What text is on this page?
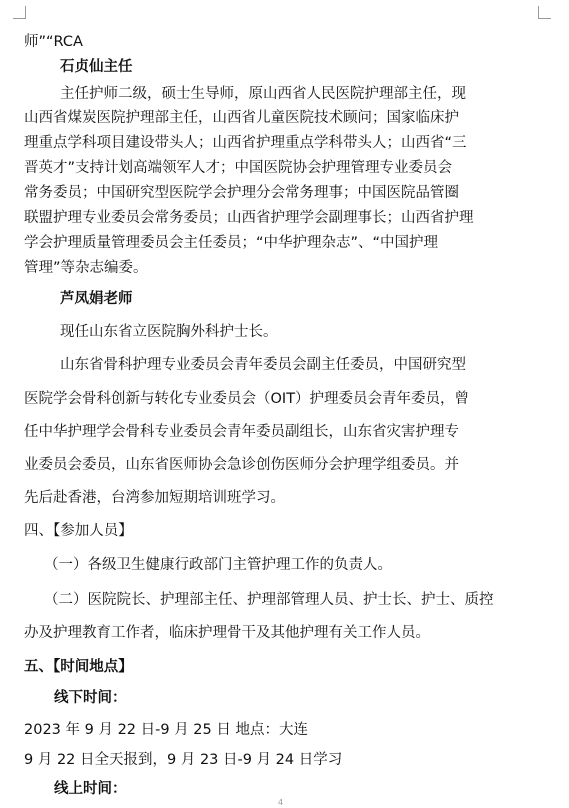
师”“RCA
石贞仙主任
主任护师二级，硕士生导师，原山西省人民医院护理部主任，现
山西省煤炭医院护理部主任，山西省儿童医院技术顾问；国家临床护
理重点学科项目建设带头人；山西省护理重点学科带头人；山西省“三
晋英才”支持计划高端领军人才；中国医院协会护理管理专业委员会
常务委员；中国研究型医院学会护理分会常务理事；中国医院品管圈
联盟护理专业委员会常务委员；山西省护理学会副理事长；山西省护理
学会护理质量管理委员会主任委员；“中华护理杂志”、“中国护理
管理”等杂志编委。
芦凤娟老师
现任山东省立医院胸外科护士长。
山东省骨科护理专业委员会青年委员会副主任委员，中国研究型
医院学会骨科创新与转化专业委员会（OIT）护理委员会青年委员，曾
任中华护理学会骨科专业委员会青年委员副组长，山东省灾害护理专
业委员会委员，山东省医师协会急诊创伤医师分会护理学组委员。并
先后赴香港，台湾参加短期培训班学习。
四、【参加人员】
（一）各级卫生健康行政部门主管护理工作的负责人。
（二）医院院长、护理部主任、护理部管理人员、护士长、护士、质控
办及护理教育工作者，临床护理骨干及其他护理有关工作人员。
五、【时间地点】
线下时间：
2023 年 9 月 22 日-9 月 25 日 地点：大连
9 月 22 日全天报到，9 月 23 日-9 月 24 日学习
线上时间：
4
